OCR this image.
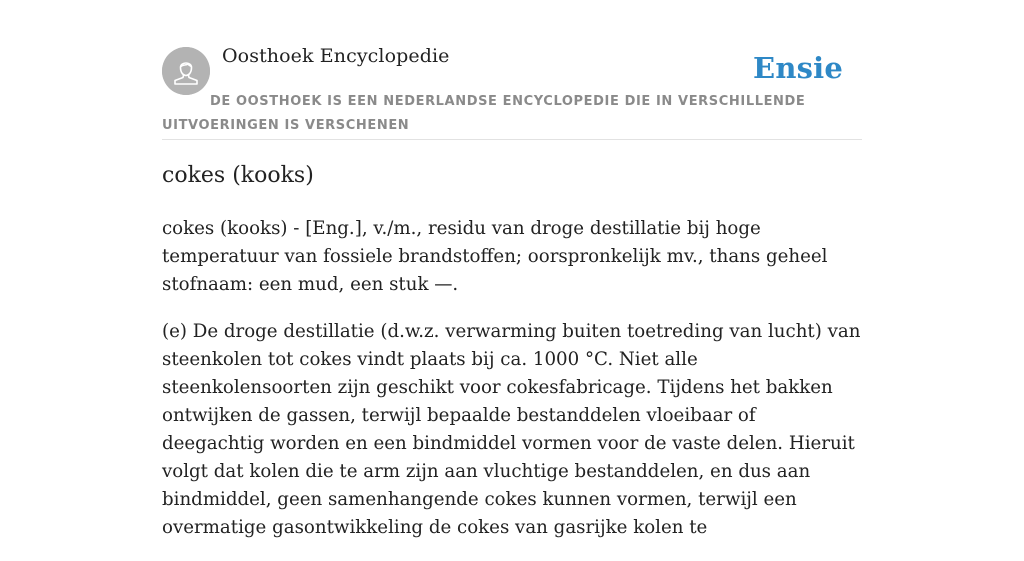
Oosthoek Encyclopedie	Ensie
DE OOSTHOEK IS EEN NEDERLANDSE ENCYCLOPEDIE DIE IN VERSCHILLENDE UITVOERINGEN IS VERSCHENEN
cokes (kooks)

cokes (kooks) - [Eng.], v./m., residu van droge destillatie bij hoge temperatuur van fossiele brandstoffen; oorspronkelijk mv., thans geheel stofnaam: een mud, een stuk —.

(e) De droge destillatie (d.w.z. verwarming buiten toetreding van lucht) van steenkolen tot cokes vindt plaats bij ca. 1000 °C. Niet alle steenkolensoorten zijn geschikt voor cokesfabricage. Tijdens het bakken ontwijken de gassen, terwijl bepaalde bestanddelen vloeibaar of deegachtig worden en een bindmiddel vormen voor de vaste delen. Hieruit volgt dat kolen die te arm zijn aan vluchtige bestanddelen, en dus aan bindmiddel, geen samenhangende cokes kunnen vormen, terwijl een overmatige gasontwikkeling de cokes van gasrijke kolen te
